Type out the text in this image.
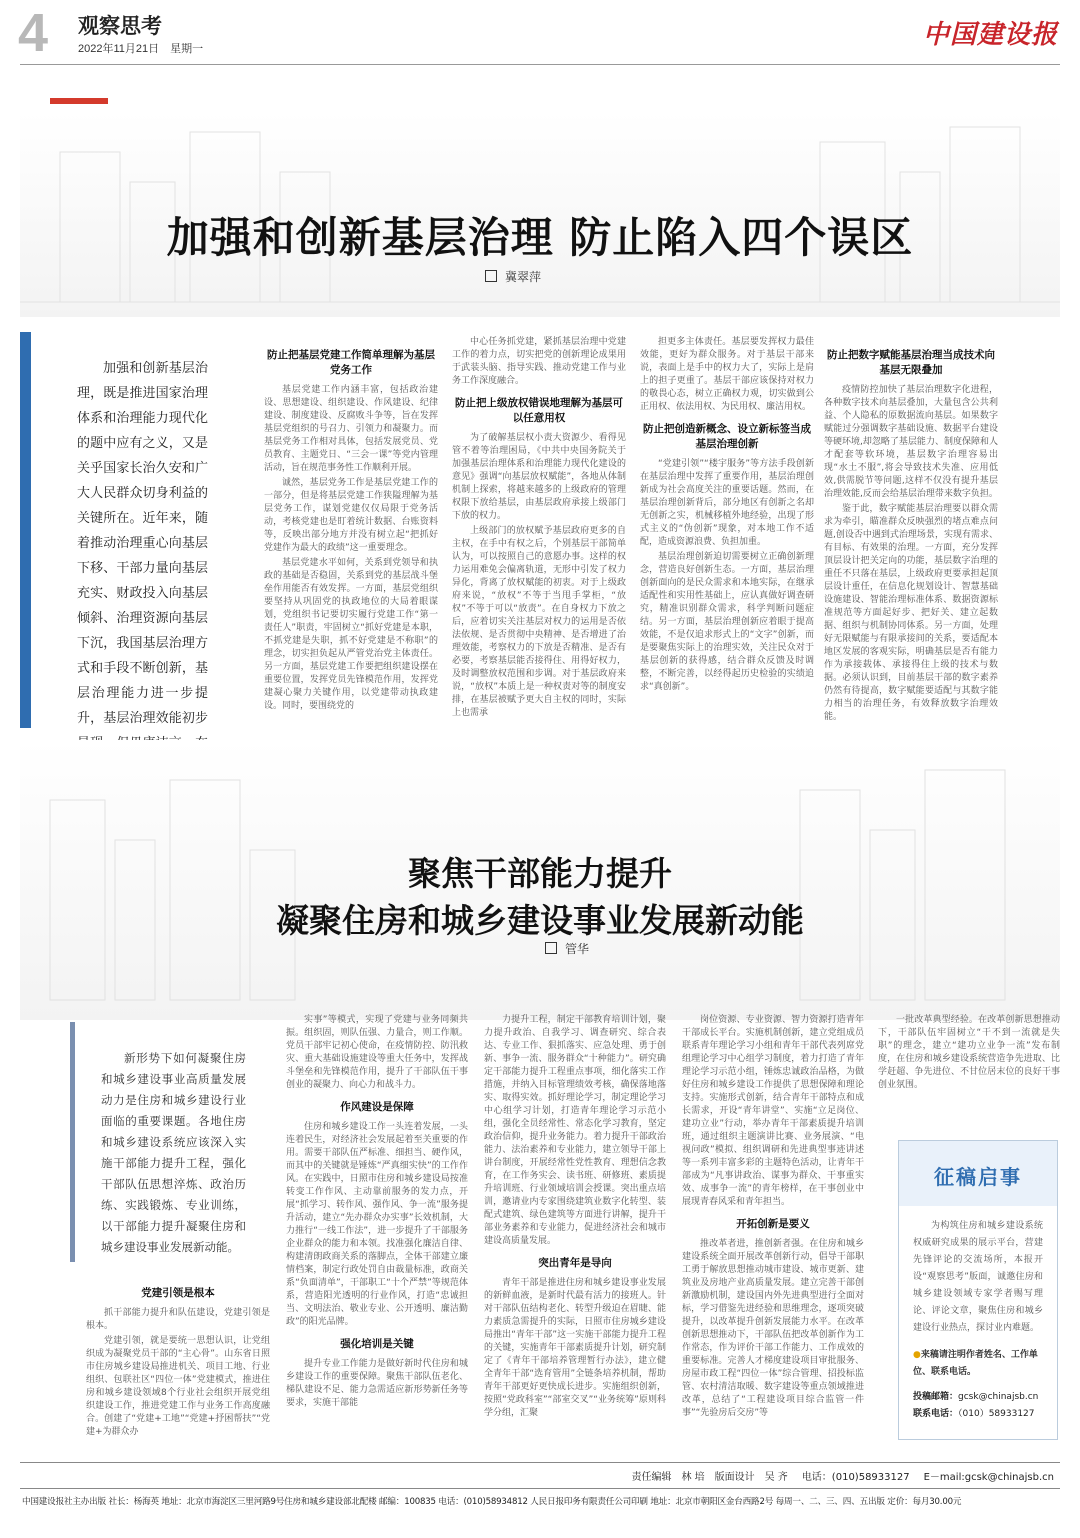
4 观察思考
2022年11月21日　星期一	中国建设报
加强和创新基层治理 防止陷入四个误区
冀翠萍

加强和创新基层治理，既是推进国家治理体系和治理能力现代化的题中应有之义，又是关乎国家长治久安和广大人民群众切身利益的关键所在。近年来，随着推动治理重心向基层下移、干部力量向基层充实、财政投入向基层倾斜、治理资源向基层下沉，我国基层治理方式和手段不断创新，基层治理能力进一步提升，基层治理效能初步

防止把基层党建工作简单理解为基层党务工作

基层党建工作内涵丰富，包括政治建设、思想建设、组织建设、作风建设、纪律建设、制度建设、反腐败斗争等，旨在发挥基层党组织的号召力、引领力和凝聚力。而基层党务工作相对具体，包括发展党员、党员教育、主题党日、“三会一课”等党内管理活动，旨在规范事务性工作顺利开展。

诚然，基层党务工作是基层党建工作的一部分，但是将基层党建工作狭隘理解为基层党务工作，谋划党建仅仅局限于党务活动，考核党建也是盯着统计数据、台账资料等，反映出部分地方并没有树立起“把抓好党建作为最大的政绩”这一重要理念。

基层党建水平如何，关系到党领导和执政的基础是否稳固，关系到党的基层战斗堡垒作用能否有效发挥。一方面，基层党组织要坚持从巩固党的执政地位的大局着眼谋划，党组织书记要切实履行党建工作“第一责任人”职责，牢固树立“抓好党建是本职，不抓党建是失职，抓不好党建是不称职”的理念，切实担负起从严管党治党主体责任。另一方面，基层党建工作要把组织建设摆在重要位置，发挥党员先锋模范作用，发挥党建凝心聚力关键作用，以党建带动执政建设。同时，要围绕党的

中心任务抓党建，紧抓基层治理中党建工作的着力点，切实把党的创新理论成果用于武装头脑、指导实践、推动党建工作与业务工作深度融合。

防止把上级放权错误地理解为基层可以任意用权

为了破解基层权小责大资源少、看得见管不着等治理困局，《中共中央国务院关于加强基层治理体系和治理能力现代化建设的意见》强调“向基层放权赋能”，各地从体制机制上探索，将越来越多的上级政府的管理权限下放给基层，由基层政府承接上级部门下放的权力。

上级部门的放权赋予基层政府更多的自主权，在手中有权之后，个别基层干部简单认为，可以按照自己的意愿办事。这样的权力运用难免会偏离轨道，无形中引发了权力异化，背离了放权赋能的初衷。对于上级政府来说，“放权”不等于当甩手掌柜，“放权”不等于可以“放责”。在自身权力下放之后，应着切实关注基层对权力的运用是否依法依规、是否贯彻中央精神、是否增进了治理效能，考察权力的下放是否精准、是否有必要，考察基层能否接得住、用得好权力，及时调整放权范围和步调。对于基层政府来说，“放权”本质上是一种权责对等的制度安排，在基层被赋予更大自主权的同时，实际上也需承

担更多主体责任。基层要发挥权力最佳效能，更好为群众服务。对于基层干部来说，表面上是手中的权力大了，实际上是肩上的担子更重了。基层干部应该保持对权力的敬畏心态，树立正确权力观，切实做到公正用权、依法用权、为民用权、廉洁用权。

防止把创造新概念、设立新标签当成基层治理创新

“党建引领”“楼宇服务”等方法手段创新在基层治理中发挥了重要作用，基层治理创新成为社会高度关注的重要话题。然而，在基层治理创新背后，部分地区有创新之名却无创新之实，机械移植外地经验，出现了形式主义的“伪创新”现象，对本地工作不适配，造成资源浪费、负担加重。

基层治理创新迫切需要树立正确创新理念，营造良好创新生态。一方面，基层治理创新面向的是民众需求和本地实际，在继承适配性和实用性基础上，应认真做好调查研究，精准识别群众需求，科学判断问题症结。另一方面，基层治理创新应着眼于提高效能，不是仅追求形式上的“文字”创新，而是要聚焦实际上的治理实效，关注民众对于基层创新的获得感，结合群众反馈及时调整，不断完善，以经得起历史检验的实绩追求“真创新”。

防止把数字赋能基层治理当成技术向基层无限叠加

疫情防控加快了基层治理数字化进程，各种数字技术向基层叠加，大量包含公共利益、个人隐私的原数据流向基层。如果数字赋能过分强调数字基础设施、数据平台建设等硬环境,却忽略了基层能力、制度保障和人才配套等软环境，基层数字治理容易出现“水土不服”,将会导致技术失准、应用低效,供需脱节等问题,这样不仅没有提升基层治理效能,反而会给基层治理带来数字负担。

鉴于此，数字赋能基层治理要以群众需求为牵引，瞄准群众反映强烈的堵点难点问题,创设否中遇到式治理场景，实现有需求、有目标、有效果的治理。一方面，充分发挥顶层设计把关定向的功能，基层数字治理的重任不只落在基层，上级政府更要承担起顶层设计重任，在信息化规划设计、智慧基础设施建设、智能治理标准体系、数据资源标准规范等方面起好步、把好关、建立起数据、组织与机制协同体系。另一方面，处理好无限赋能与有限承接间的关系，要适配本地区发展的客观实际，明确基层是否有能力作为承接载体、承接得住上级的技术与数据。必须认识到，目前基层干部的数字素养仍然有待提高，数字赋能要适配与其数字能力相当的治理任务，有效释放数字治理效能。

聚焦干部能力提升
凝聚住房和城乡建设事业发展新动能
管华

新形势下如何凝聚住房和城乡建设事业高质量发展动力是住房和城乡建设行业面临的重要课题。各地住房和城乡建设系统应该深入实施干部能力提升工程，强化干部队伍思想淬炼、政治历练、实践锻炼、专业训练，以干部能力提升凝聚住房和城乡建设事业发展新动能。

党建引领是根本

抓干部能力提升和队伍建设，党建引领是根本。

党建引领，就是要统一思想认识，让党组织成为凝聚党员干部的“主心骨”。山东省日照市住房城乡建设局推进机关、项目工地、行业组织、包联社区“四位一体”党建模式，推进住房和城乡建设领域8个行业社会组织开展党组织建设工作，推进党建工作与业务工作高度融合。创建了“党建+工地”“党建+抒困帮扶”“党建+为群众办

实事”等模式，实现了党建与业务同频共振。组织固，则队伍强、力量合，则工作顺。党员干部牢记初心使命，在疫情防控、防汛救灾、重大基础设施建设等重大任务中，发挥战斗堡垒和先锋模范作用，提升了干部队伍干事创业的凝聚力、向心力和战斗力。

作风建设是保障

住房和城乡建设工作一头连着发展，一头连着民生，对经济社会发展起着至关重要的作用。需要干部队伍严标准、细担当、硬作风，而其中的关键就是锤炼“严真细实快”的工作作风。在实践中，日照市住房和城乡建设局按准转变工作作风、主动靠前服务的发力点，开展“抓学习、转作风、强作风、争一流”服务提升活动，建立“先办群众办实事”长效机制，大力推行“一线工作法”，进一步提升了干部服务企业群众的能力和本领。找准强化廉洁自律、构建清朗政商关系的落脚点，全体干部建立廉情档案，制定行政处罚自由裁量标准，政商关系“负面清单”，干部职工“十个严禁”等规范体系，营造阳光透明的行业作风，打造“忠诚担当、文明法治、敬业专业、公开透明、廉洁勤政”的阳光品牌。

强化培训是关键

提升专业工作能力是做好新时代住房和城乡建设工作的重要保障。聚焦干部队伍老化、梯队建设不足、能力急需适应新形势新任务等要求，实施干部能

力提升工程，制定干部教育培训计划，聚力提升政治、自我学习、调查研究、综合表达、专业工作、狠抓落实、应急处理、勇于创新、事争一流、服务群众“十种能力”。研究确定干部能力提升工程重点事项，细化落实工作措施，并纳入目标管理绩效考核，确保落地落实、取得实效。抓好理论学习，制定理论学习中心组学习计划，打造青年理论学习示范小组，强化全员经常性、常态化学习教育，坚定政治信仰，提升业务能力。着力提升干部政治能力、法治素养和专业能力，建立领导干部上讲台制度，开展经常性党性教育、理想信念教育，在工作务实会、读书班、研修班、素质提升培训班、行业领域培训会授课。突出重点培训，邀请业内专家围绕建筑业数字化转型、装配式建筑、绿色建筑等方面进行讲解，提升干部业务素养和专业能力，促进经济社会和城市建设高质量发展。

突出青年是导向

青年干部是推进住房和城乡建设事业发展的新鲜血液，是新时代最有活力的接班人。针对干部队伍结构老化、转型升级迫在眉睫、能力素质急需提升的实际，日照市住房城乡建设局推出“青年干部”这一实施干部能力提升工程的关键，实施青年干部素质提升计划，研究制定了《青年干部培养管理暂行办法》，建立健全青年干部“选育管用”全链条培养机制，帮助青年干部更好更快成长进步。实施组织创新，按照“党政科室”“部室交叉”“业务统筹”原则科学分组，汇聚

岗位资源、专业资源、智力资源打造青年干部成长平台。实施机制创新，建立党组成员联系青年理论学习小组和青年干部代表列席党组理论学习中心组学习制度，着力打造了青年理论学习示范小组，锤炼忠诚政治品格，为做好住房和城乡建设工作提供了思想保障和理论支持。实施形式创新，结合青年干部特点和成长需求，开设“青年讲堂”、实施“立足岗位、建功立业”行动，举办青年干部素质提升培训班，通过组织主题演讲比赛、业务展演、“电视问政”模拟、组织调研和先进典型事迹讲述等一系列丰富多彩的主题特色活动，让青年干部成为“凡事讲政治、谋事为群众、干事重实效、成事争一流”的青年榜样，在干事创业中展现青春风采和青年担当。

开拓创新是要义

推改革者进，推创新者强。在住房和城乡建设系统全面开展改革创新行动，倡导干部职工勇于解放思想推动城市建设、城市更新、建筑业及房地产业高质量发展。建立完善干部创新激励机制，建设国内外先进典型进行全面对标，学习借鉴先进经验和思维理念，逐项突破提升，以改革提升创新发展能力水平。在改革创新思想推动下，干部队伍把改革创新作为工作常态，作为评价干部工作能力、工作成效的重要标准。完善人才梯度建设项目审批服务、房屋市政工程“四位一体”综合管理、招投标监管、农村清洁取暖、数字建设等重点领域推进改革，总结了“工程建设项目综合监管一件事”“先验房后交房”等

一批改革典型经验。在改革创新思想推动下，干部队伍牢固树立“干不到一流就是失职”的理念，建立“建功立业争一流”发布制度，在住房和城乡建设系统营造争先进取、比学赶超、争先进位、不甘位居末位的良好干事创业氛围。

征稿启事

为构筑住房和城乡建设系统权威研究成果的展示平台，营建先锋评论的交流场所，本报开设“观察思考”版面，诚邀住房和城乡建设领域专家学者赐写理论、评论文章，聚焦住房和城乡建设行业热点，探讨业内难题。

●来稿请注明作者姓名、工作单位、联系电话。
投稿邮箱：gcsk@chinajsb.cn
联系电话：（010）58933127
责任编辑　林 培　版面设计　吴 齐 电话：(010)58933127 E－mail:gcsk@chinajsb.cn
中国建设报社主办出版 社长：杨海英 地址：北京市海淀区三里河路9号住房和城乡建设部北配楼 邮编：100835 电话：(010)58934812 人民日报印务有限责任公司印刷 地址：北京市朝阳区金台西路2号 每周一、二、三、四、五出版 定价：每月30.00元
